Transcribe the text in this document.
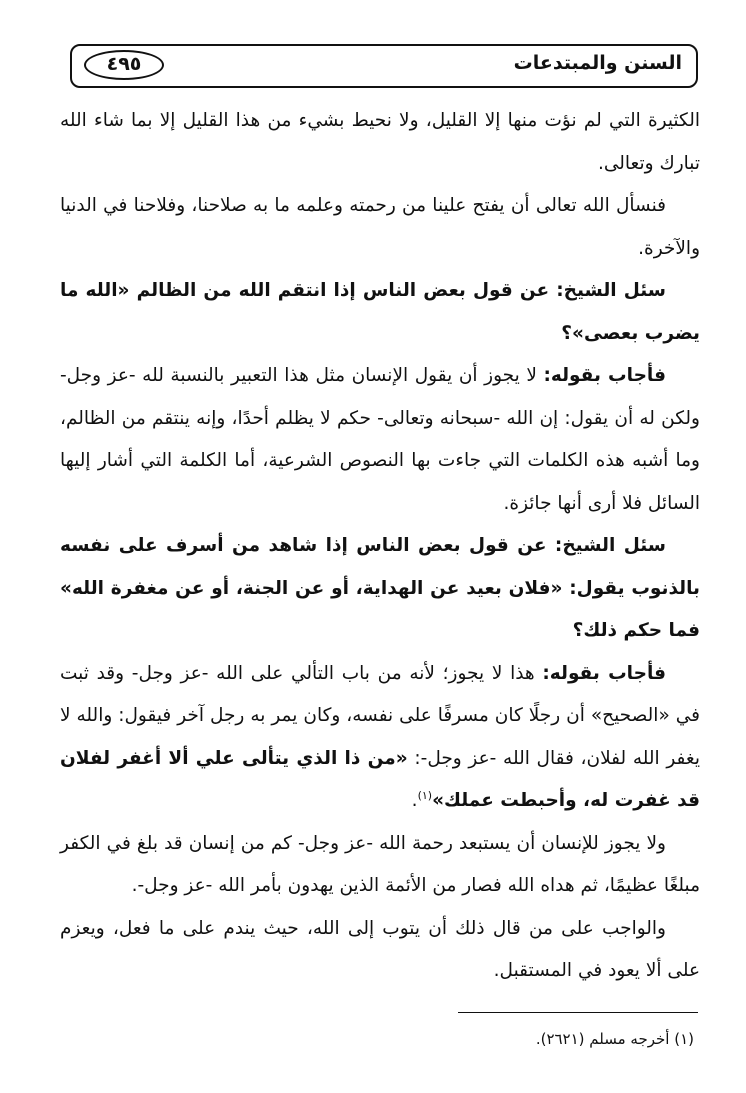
السنن والمبتدعات
٤٩٥

الكثيرة التي لم نؤت منها إلا القليل، ولا نحيط بشيء من هذا القليل إلا بما شاء الله تبارك وتعالى.

فنسأل الله تعالى أن يفتح علينا من رحمته وعلمه ما به صلاحنا، وفلاحنا في الدنيا والآخرة.

سئل الشيخ: عن قول بعض الناس إذا انتقم الله من الظالم «الله ما يضرب بعصى»؟

فأجاب بقوله: لا يجوز أن يقول الإنسان مثل هذا التعبير بالنسبة لله -عز وجل- ولكن له أن يقول: إن الله -سبحانه وتعالى- حكم لا يظلم أحدًا، وإنه ينتقم من الظالم، وما أشبه هذه الكلمات التي جاءت بها النصوص الشرعية، أما الكلمة التي أشار إليها السائل فلا أرى أنها جائزة.

سئل الشيخ: عن قول بعض الناس إذا شاهد من أسرف على نفسه بالذنوب يقول: «فلان بعيد عن الهداية، أو عن الجنة، أو عن مغفرة الله» فما حكم ذلك؟

فأجاب بقوله: هذا لا يجوز؛ لأنه من باب التألي على الله -عز وجل- وقد ثبت في «الصحيح» أن رجلًا كان مسرفًا على نفسه، وكان يمر به رجل آخر فيقول: والله لا يغفر الله لفلان، فقال الله -عز وجل-: «من ذا الذي يتألى علي ألا أغفر لفلان قد غفرت له، وأحبطت عملك»$^{(١)}$.

ولا يجوز للإنسان أن يستبعد رحمة الله -عز وجل- كم من إنسان قد بلغ في الكفر مبلغًا عظيمًا، ثم هداه الله فصار من الأئمة الذين يهدون بأمر الله -عز وجل-.

والواجب على من قال ذلك أن يتوب إلى الله، حيث يندم على ما فعل، ويعزم على ألا يعود في المستقبل.

(١) أخرجه مسلم (٢٦٢١).
